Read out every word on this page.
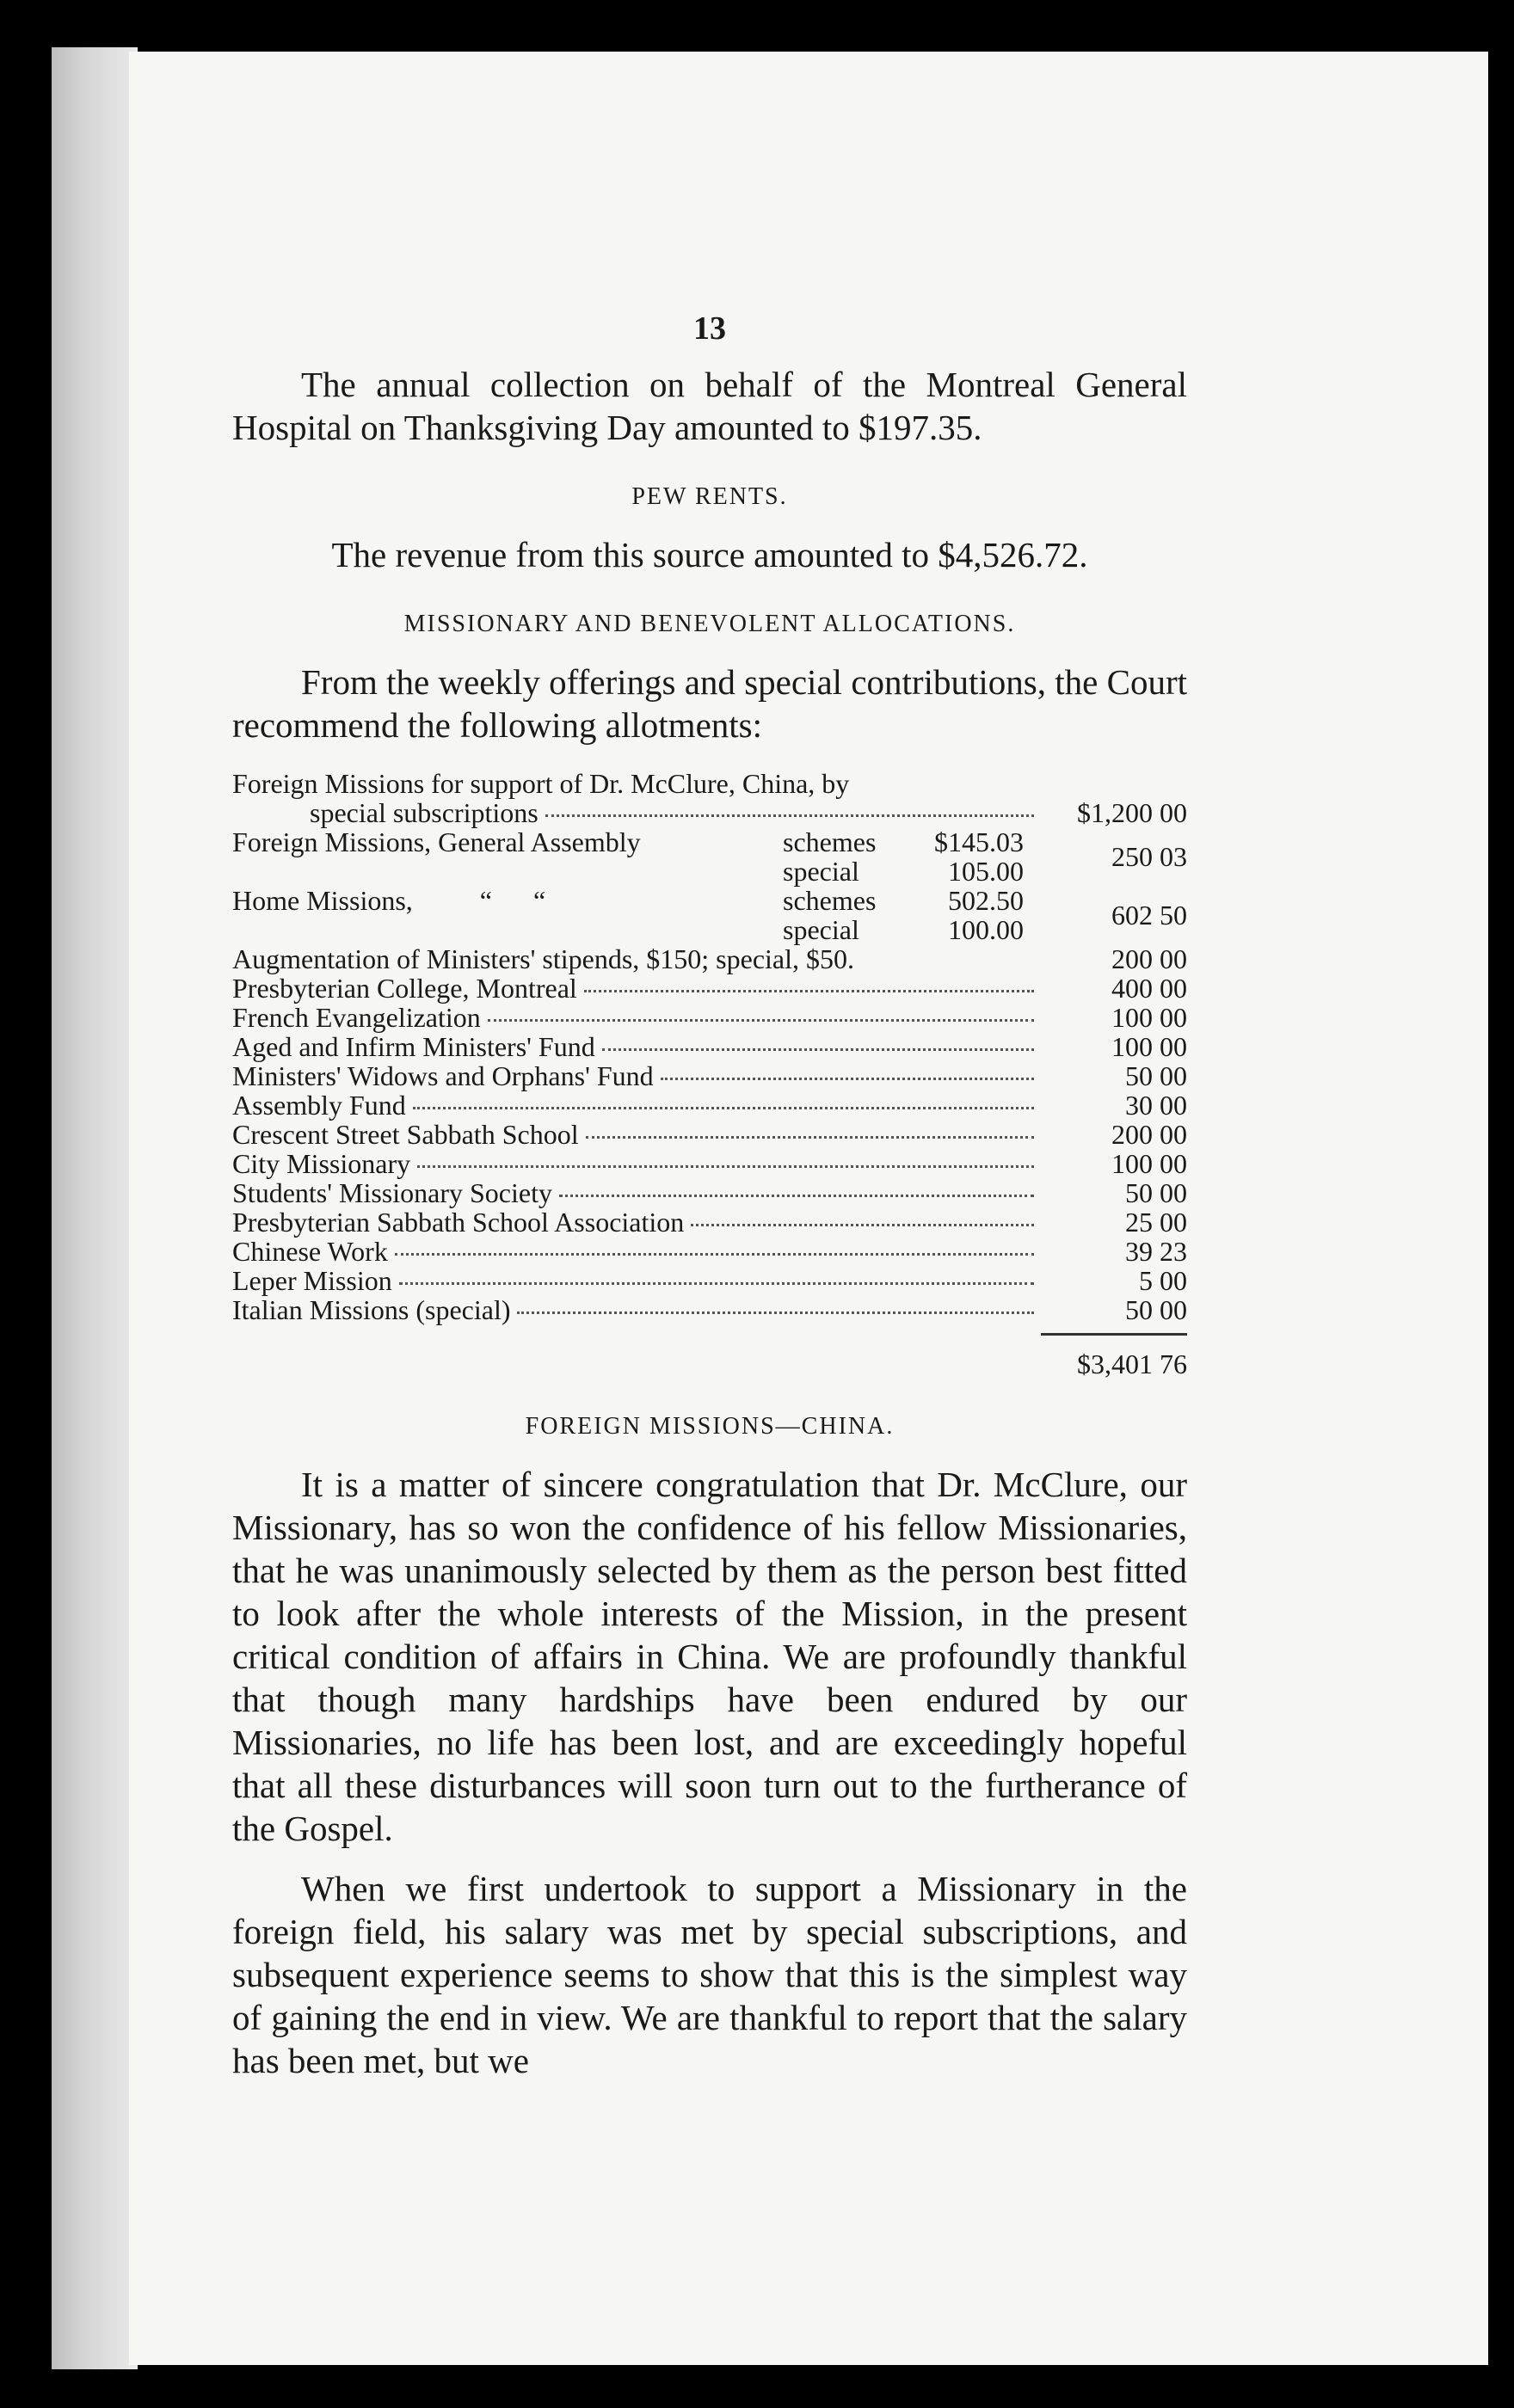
13

The annual collection on behalf of the Montreal General Hospital on Thanksgiving Day amounted to $197.35.

PEW RENTS.
The revenue from this source amounted to $4,526.72.
MISSIONARY AND BENEVOLENT ALLOCATIONS.

From the weekly offerings and special contributions, the Court recommend the following allotments:

Foreign Missions for support of Dr. McClure, China, by
special subscriptions	$1,200 00
Foreign Missions, General Assembly	schemes $145.03
special	105.00	250 03
Home Missions, “      “	schemes	502.50
special	100.00	602 50
Augmentation of Ministers' stipends, $150; special, $50.	200 00
Presbyterian College, Montreal	400 00
French Evangelization	100 00
Aged and Infirm Ministers' Fund	100 00
Ministers' Widows and Orphans' Fund	50 00
Assembly Fund	30 00
Crescent Street Sabbath School	200 00
City Missionary	100 00
Students' Missionary Society	50 00
Presbyterian Sabbath School Association	25 00
Chinese Work	39 23
Leper Mission	5 00
Italian Missions (special)	50 00
$3,401 76
FOREIGN MISSIONS—CHINA.

It is a matter of sincere congratulation that Dr. McClure, our Missionary, has so won the confidence of his fellow Missionaries, that he was unanimously selected by them as the person best fitted to look after the whole interests of the Mission, in the present critical condition of affairs in China. We are profoundly thankful that though many hardships have been endured by our Missionaries, no life has been lost, and are exceedingly hopeful that all these disturbances will soon turn out to the furtherance of the Gospel.

When we first undertook to support a Missionary in the foreign field, his salary was met by special subscriptions, and subsequent experience seems to show that this is the simplest way of gaining the end in view. We are thankful to report that the salary has been met, but we
